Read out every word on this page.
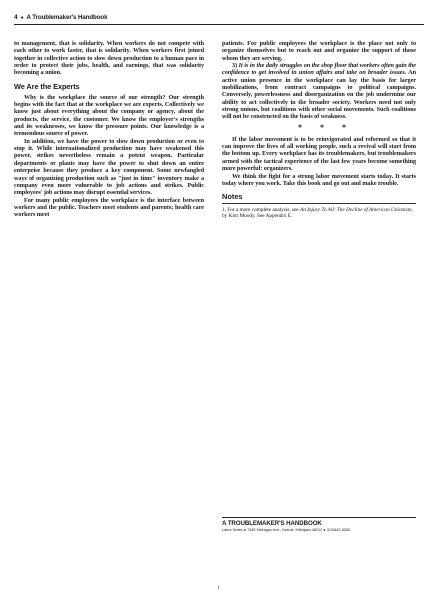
4 ● A Troublemaker's Handbook

to management, that is solidarity. When workers do not compete with each other to work faster, that is solidarity. When workers first joined together in collective action to slow down production to a human pace in order to protect their jobs, health, and earnings, that was solidarity becoming a union.

We Are the Experts

Why is the workplace the source of our strength? Our strength begins with the fact that at the workplace we are experts. Collectively we know just about everything about the company or agency, about the products, the service, the customer. We know the employer's strengths and its weaknesses, we know the pressure points. Our knowledge is a tremendous source of power.

In addition, we have the power to slow down production or even to stop it. While internationalized production may have weakened this power, strikes nevertheless remain a potent weapon. Particular departments or plants may have the power to shut down an entire enterprise because they produce a key component. Some newfangled ways of organizing production such as "just in time" inventory make a company even more vulnerable to job actions and strikes. Public employees' job actions may disrupt essential services.

For many public employees the workplace is the interface between workers and the public. Teachers meet students and parents; health care workers meet

patients. For public employees the workplace is the place not only to organize themselves but to reach out and organize the support of those whom they are serving.

3) It is in the daily struggles on the shop floor that workers often gain the confidence to get involved in union affairs and take on broader issues. An active union presence in the workplace can lay the basis for larger mobilizations, from contract campaigns to political campaigns. Conversely, powerlessness and disorganization on the job undermine our ability to act collectively in the broader society. Workers need not only strong unions, but coalitions with other social movements. Such coalitions will not be constructed on the basis of weakness.

* * *

If the labor movement is to be reinvigorated and reformed so that it can improve the lives of all working people, such a revival will start from the bottom up. Every workplace has its troublemakers, but troublemakers armed with the tactical experience of the last few years become something more powerful: organizers.

We think the fight for a strong labor movement starts today. It starts today where you work. Take this book and go out and make trouble.

Notes

1. For a more complete analysis, see An Injury To All: The Decline of American Unionism, by Kim Moody. See Appendix E.

A TROUBLEMAKER'S HANDBOOK
Labor Notes ● 7435 Michigan Ave., Detroit, Michigan 48210 ● 313/842-6262
